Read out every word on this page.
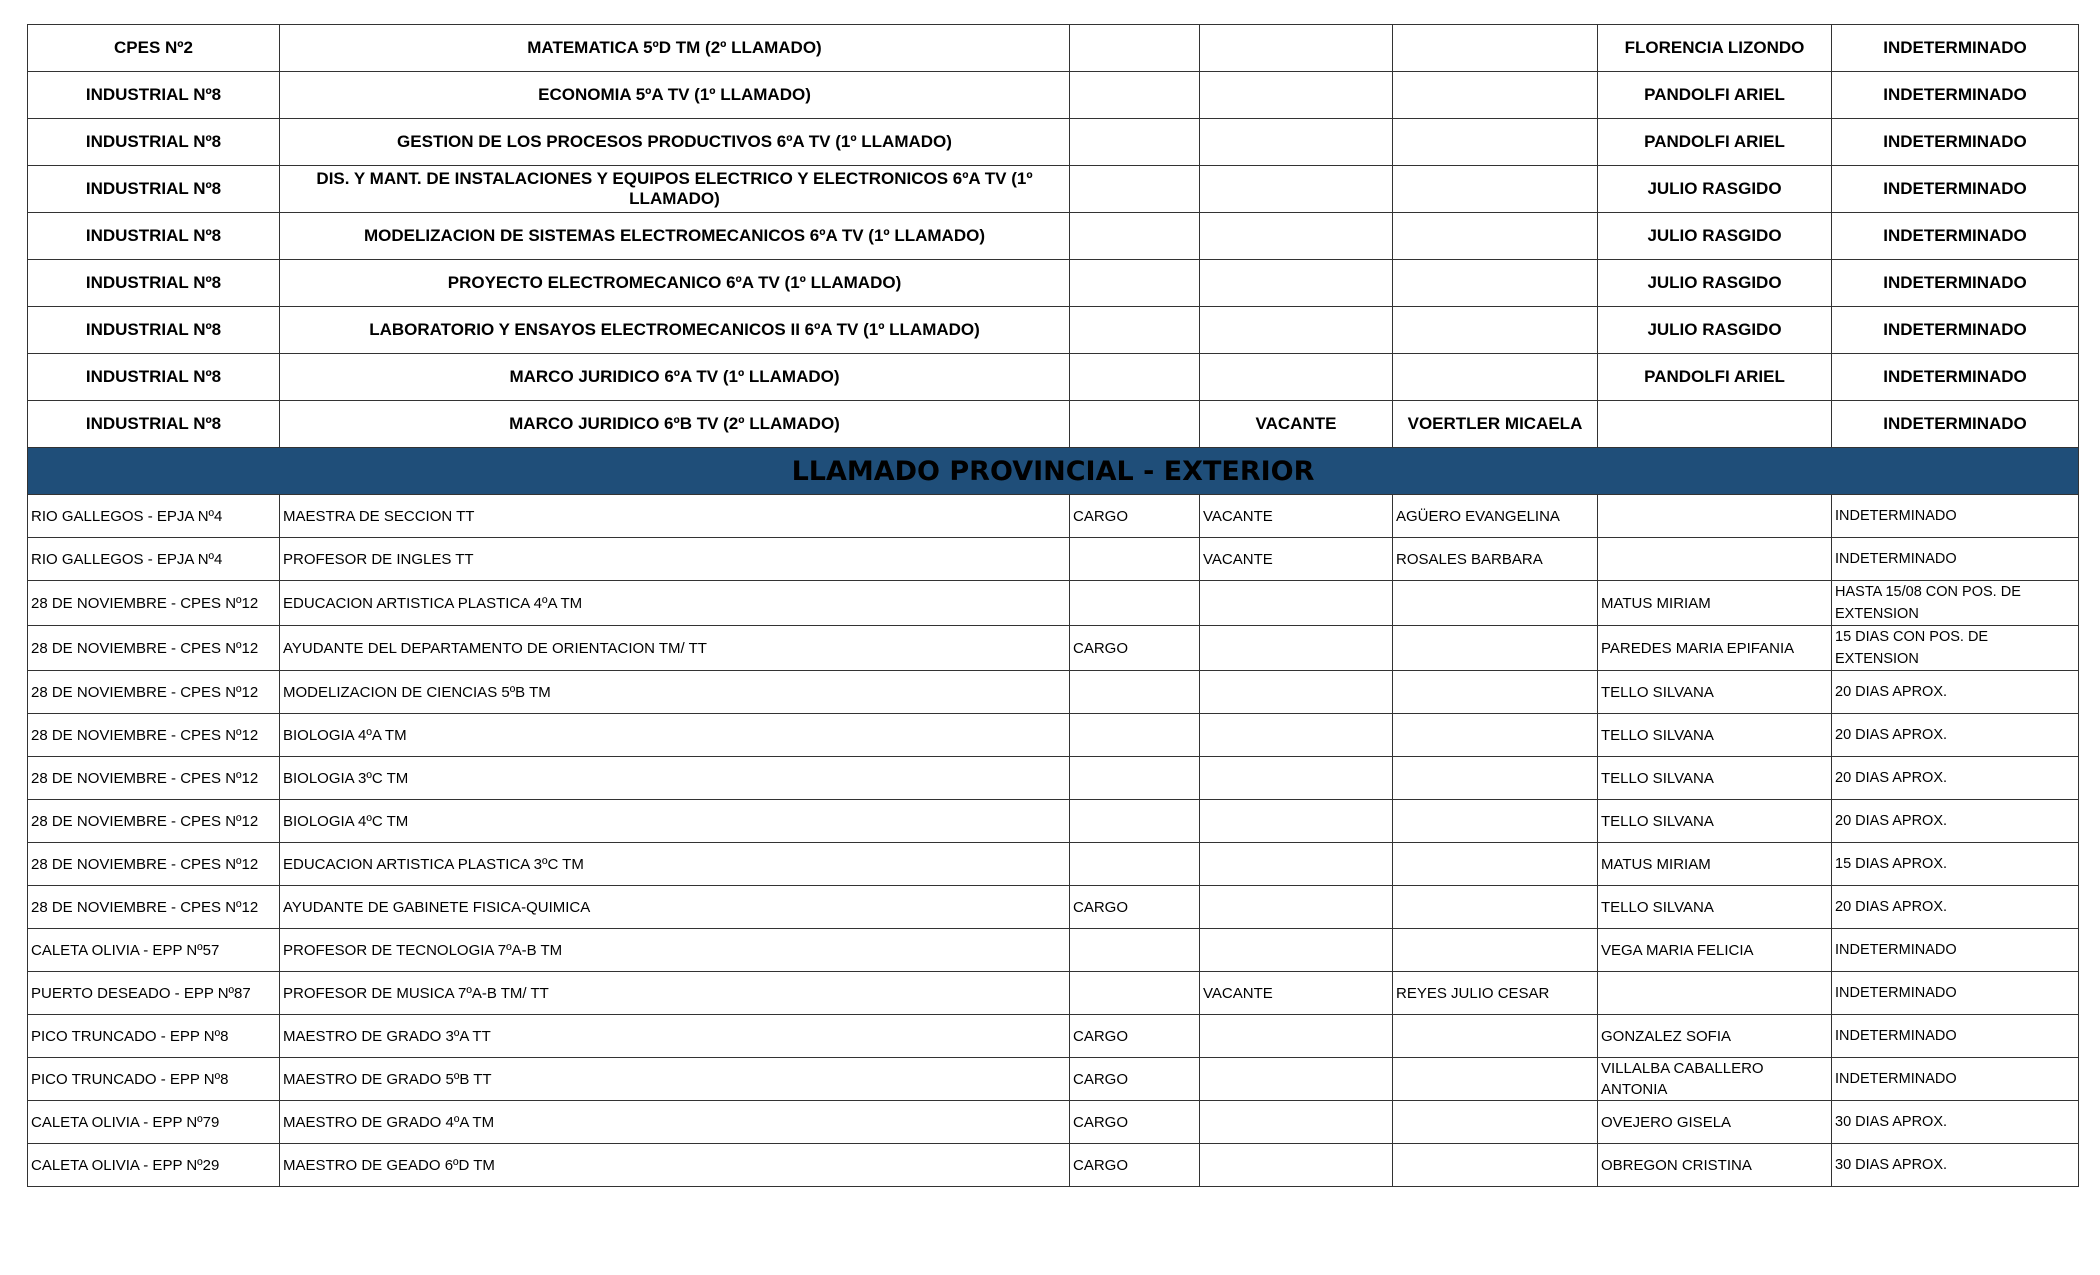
CPES Nº2	MATEMATICA 5ºD TM (2º LLAMADO)				FLORENCIA LIZONDO	INDETERMINADO
INDUSTRIAL Nº8	ECONOMIA 5ºA TV (1º LLAMADO)				PANDOLFI ARIEL	INDETERMINADO
INDUSTRIAL Nº8	GESTION DE LOS PROCESOS PRODUCTIVOS 6ºA TV (1º LLAMADO)				PANDOLFI ARIEL	INDETERMINADO
INDUSTRIAL Nº8	DIS. Y MANT. DE INSTALACIONES Y EQUIPOS ELECTRICO Y ELECTRONICOS 6ºA TV (1º LLAMADO)				JULIO RASGIDO	INDETERMINADO
INDUSTRIAL Nº8	MODELIZACION DE SISTEMAS ELECTROMECANICOS 6ºA TV (1º LLAMADO)				JULIO RASGIDO	INDETERMINADO
INDUSTRIAL Nº8	PROYECTO ELECTROMECANICO 6ºA TV (1º LLAMADO)				JULIO RASGIDO	INDETERMINADO
INDUSTRIAL Nº8	LABORATORIO Y ENSAYOS ELECTROMECANICOS II 6ºA TV (1º LLAMADO)				JULIO RASGIDO	INDETERMINADO
INDUSTRIAL Nº8	MARCO JURIDICO 6ºA TV (1º LLAMADO)				PANDOLFI ARIEL	INDETERMINADO
INDUSTRIAL Nº8	MARCO JURIDICO 6ºB TV (2º LLAMADO)		VACANTE	VOERTLER MICAELA		INDETERMINADO
LLAMADO PROVINCIAL - EXTERIOR						
RIO GALLEGOS - EPJA Nº4	MAESTRA DE SECCION TT	CARGO	VACANTE	AGÜERO EVANGELINA		INDETERMINADO
RIO GALLEGOS - EPJA Nº4	PROFESOR DE INGLES TT		VACANTE	ROSALES BARBARA		INDETERMINADO
28 DE NOVIEMBRE - CPES Nº12	EDUCACION ARTISTICA PLASTICA 4ºA TM				MATUS MIRIAM	HASTA 15/08 CON POS. DE EXTENSION
28 DE NOVIEMBRE - CPES Nº12	AYUDANTE DEL DEPARTAMENTO DE ORIENTACION TM/ TT	CARGO			PAREDES MARIA EPIFANIA	15 DIAS CON POS. DE EXTENSION
28 DE NOVIEMBRE - CPES Nº12	MODELIZACION DE CIENCIAS 5ºB TM				TELLO SILVANA	20 DIAS APROX.
28 DE NOVIEMBRE - CPES Nº12	BIOLOGIA 4ºA TM				TELLO SILVANA	20 DIAS APROX.
28 DE NOVIEMBRE - CPES Nº12	BIOLOGIA 3ºC TM				TELLO SILVANA	20 DIAS APROX.
28 DE NOVIEMBRE - CPES Nº12	BIOLOGIA 4ºC TM				TELLO SILVANA	20 DIAS APROX.
28 DE NOVIEMBRE - CPES Nº12	EDUCACION ARTISTICA PLASTICA 3ºC TM				MATUS MIRIAM	15 DIAS APROX.
28 DE NOVIEMBRE - CPES Nº12	AYUDANTE DE GABINETE FISICA-QUIMICA	CARGO			TELLO SILVANA	20 DIAS APROX.
CALETA OLIVIA - EPP Nº57	PROFESOR DE TECNOLOGIA 7ºA-B TM				VEGA MARIA FELICIA	INDETERMINADO
PUERTO DESEADO - EPP Nº87	PROFESOR DE MUSICA 7ºA-B TM/ TT		VACANTE	REYES JULIO CESAR		INDETERMINADO
PICO TRUNCADO - EPP Nº8	MAESTRO DE GRADO 3ºA TT	CARGO			GONZALEZ SOFIA	INDETERMINADO
PICO TRUNCADO - EPP Nº8	MAESTRO DE GRADO 5ºB TT	CARGO			VILLALBA CABALLERO ANTONIA	INDETERMINADO
CALETA OLIVIA - EPP Nº79	MAESTRO DE GRADO 4ºA TM	CARGO			OVEJERO GISELA	30 DIAS APROX.
CALETA OLIVIA - EPP Nº29	MAESTRO DE GEADO 6ºD TM	CARGO			OBREGON CRISTINA	30 DIAS APROX.
